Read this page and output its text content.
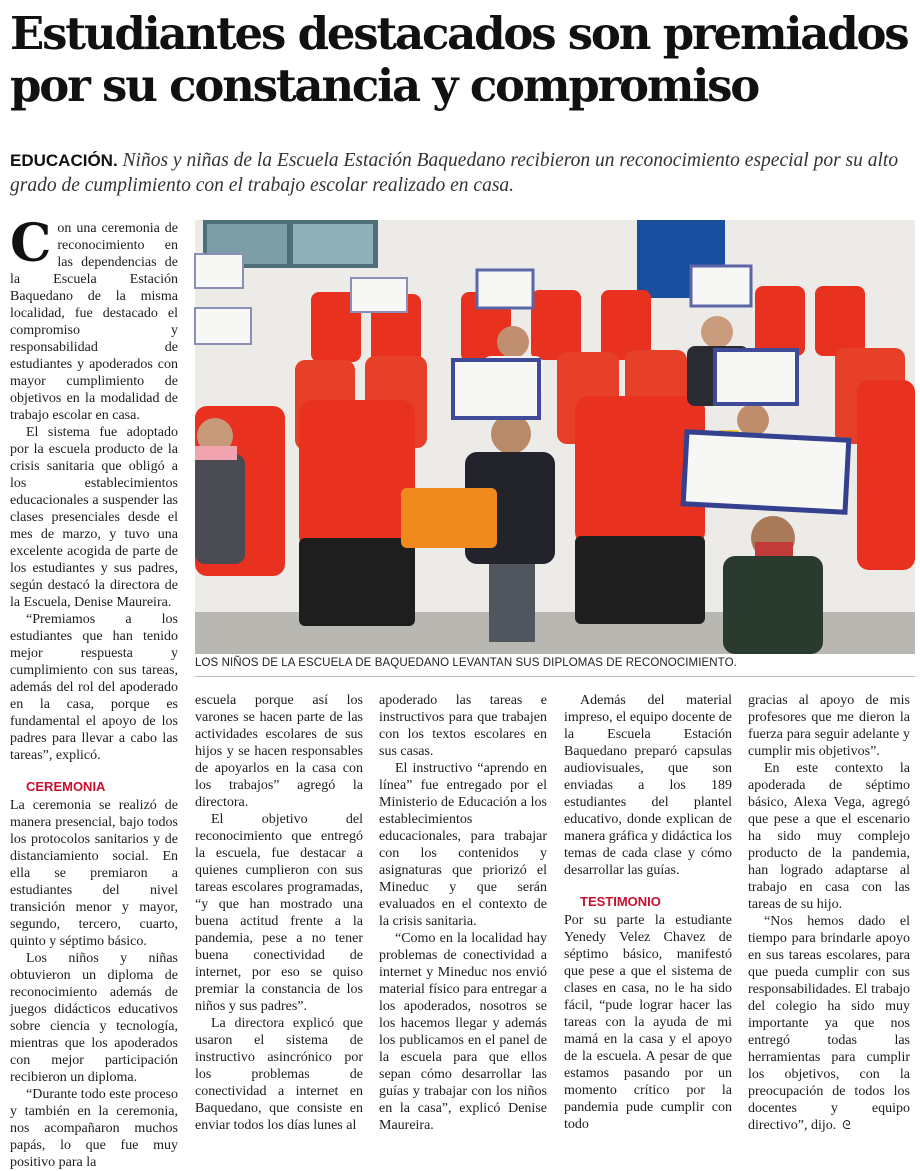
Estudiantes destacados son premiados por su constancia y compromiso
EDUCACIÓN. Niños y niñas de la Escuela Estación Baquedano recibieron un reconocimiento especial por su alto grado de cumplimiento con el trabajo escolar realizado en casa.
LOS NIÑOS DE LA ESCUELA DE BAQUEDANO LEVANTAN SUS DIPLOMAS DE RECONOCIMIENTO.

Con una ceremonia de reconocimiento en las dependencias de la Escuela Estación Baquedano de la misma localidad, fue destacado el compromiso y responsabilidad de estudiantes y apoderados con mayor cumplimiento de objetivos en la modalidad de trabajo escolar en casa.

El sistema fue adoptado por la escuela producto de la crisis sanitaria que obligó a los establecimientos educacionales a suspender las clases presenciales desde el mes de marzo, y tuvo una excelente acogida de parte de los estudiantes y sus padres, según destacó la directora de la Escuela, Denise Maureira.

“Premiamos a los estudiantes que han tenido mejor respuesta y cumplimiento con sus tareas, además del rol del apoderado en la casa, porque es fundamental el apoyo de los padres para llevar a cabo las tareas”, explicó.

CEREMONIA

La ceremonia se realizó de manera presencial, bajo todos los protocolos sanitarios y de distanciamiento social. En ella se premiaron a estudiantes del nivel transición menor y mayor, segundo, tercero, cuarto, quinto y séptimo básico.

Los niños y niñas obtuvieron un diploma de reconocimiento además de juegos didácticos educativos sobre ciencia y tecnología, mientras que los apoderados con mejor participación recibieron un diploma.

“Durante todo este proceso y también en la ceremonia, nos acompañaron muchos papás, lo que fue muy positivo para la

escuela porque así los varones se hacen parte de las actividades escolares de sus hijos y se hacen responsables de apoyarlos en la casa con los trabajos” agregó la directora.

El objetivo del reconocimiento que entregó la escuela, fue destacar a quienes cumplieron con sus tareas escolares programadas, “y que han mostrado una buena actitud frente a la pandemia, pese a no tener buena conectividad de internet, por eso se quiso premiar la constancia de los niños y sus padres”.

La directora explicó que usaron el sistema de instructivo asincrónico por los problemas de conectividad a internet en Baquedano, que consiste en enviar todos los días lunes al

apoderado las tareas e instructivos para que trabajen con los textos escolares en sus casas.

El instructivo “aprendo en línea” fue entregado por el Ministerio de Educación a los establecimientos educacionales, para trabajar con los contenidos y asignaturas que priorizó el Mineduc y que serán evaluados en el contexto de la crisis sanitaria.

“Como en la localidad hay problemas de conectividad a internet y Mineduc nos envió material físico para entregar a los apoderados, nosotros se los hacemos llegar y además los publicamos en el panel de la escuela para que ellos sepan cómo desarrollar las guías y trabajar con los niños en la casa”, explicó Denise Maureira.

Además del material impreso, el equipo docente de la Escuela Estación Baquedano preparó capsulas audiovisuales, que son enviadas a los 189 estudiantes del plantel educativo, donde explican de manera gráfica y didáctica los temas de cada clase y cómo desarrollar las guías.

TESTIMONIO

Por su parte la estudiante Yenedy Velez Chavez de séptimo básico, manifestó que pese a que el sistema de clases en casa, no le ha sido fácil, “pude lograr hacer las tareas con la ayuda de mi mamá en la casa y el apoyo de la escuela. A pesar de que estamos pasando por un momento crítico por la pandemia pude cumplir con todo

gracias al apoyo de mis profesores que me dieron la fuerza para seguir adelante y cumplir mis objetivos”.

En este contexto la apoderada de séptimo básico, Alexa Vega, agregó que pese a que el escenario ha sido muy complejo producto de la pandemia, han logrado adaptarse al trabajo en casa con las tareas de su hijo.

“Nos hemos dado el tiempo para brindarle apoyo en sus tareas escolares, para que pueda cumplir con sus responsabilidades. El trabajo del colegio ha sido muy importante ya que nos entregó todas las herramientas para cumplir los objetivos, con la preocupación de todos los docentes y equipo directivo”, dijo. ᘓ
